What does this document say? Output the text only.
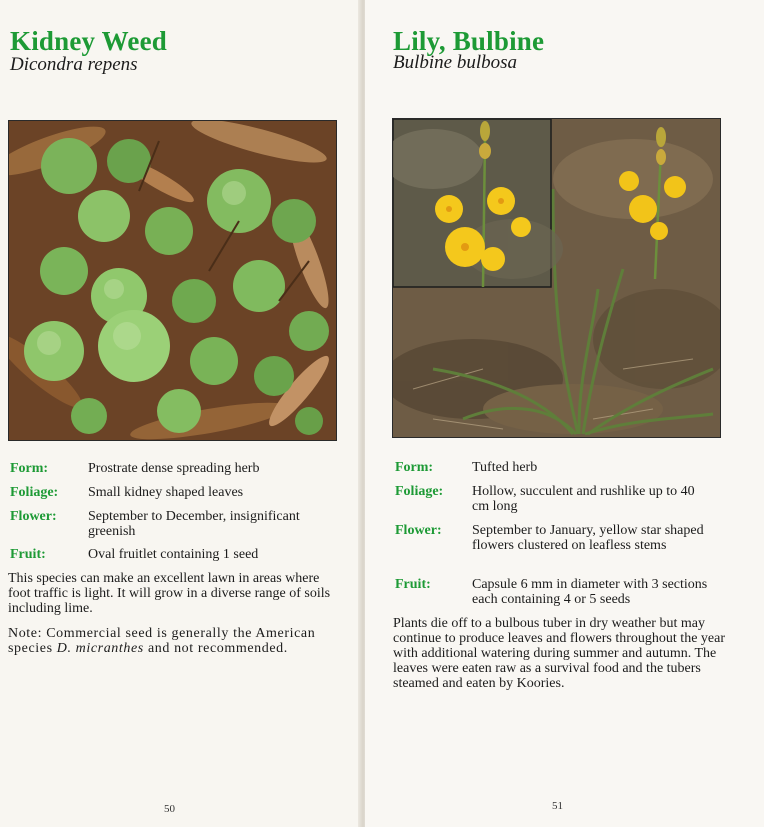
Kidney Weed
Dicondra repens
Form:	Prostrate dense spreading herb
Foliage: Small kidney shaped leaves
Flower: September to December, insignificant greenish
Fruit:	Oval fruitlet containing 1 seed
This species can make an excellent lawn in areas where foot traffic is light. It will grow in a diverse range of soils including lime.
Note: Commercial seed is generally the American species D. micranthes and not recommended.
50
Lily, Bulbine
Bulbine bulbosa
Form:	Tufted herb
Foliage: Hollow, succulent and rushlike up to 40 cm long
Flower: September to January, yellow star shaped flowers clustered on leafless stems
Fruit:	Capsule 6 mm in diameter with 3 sections each containing 4 or 5 seeds
Plants die off to a bulbous tuber in dry weather but may continue to produce leaves and flowers throughout the year with additional watering during summer and autumn. The leaves were eaten raw as a survival food and the tubers steamed and eaten by Koories.
51
